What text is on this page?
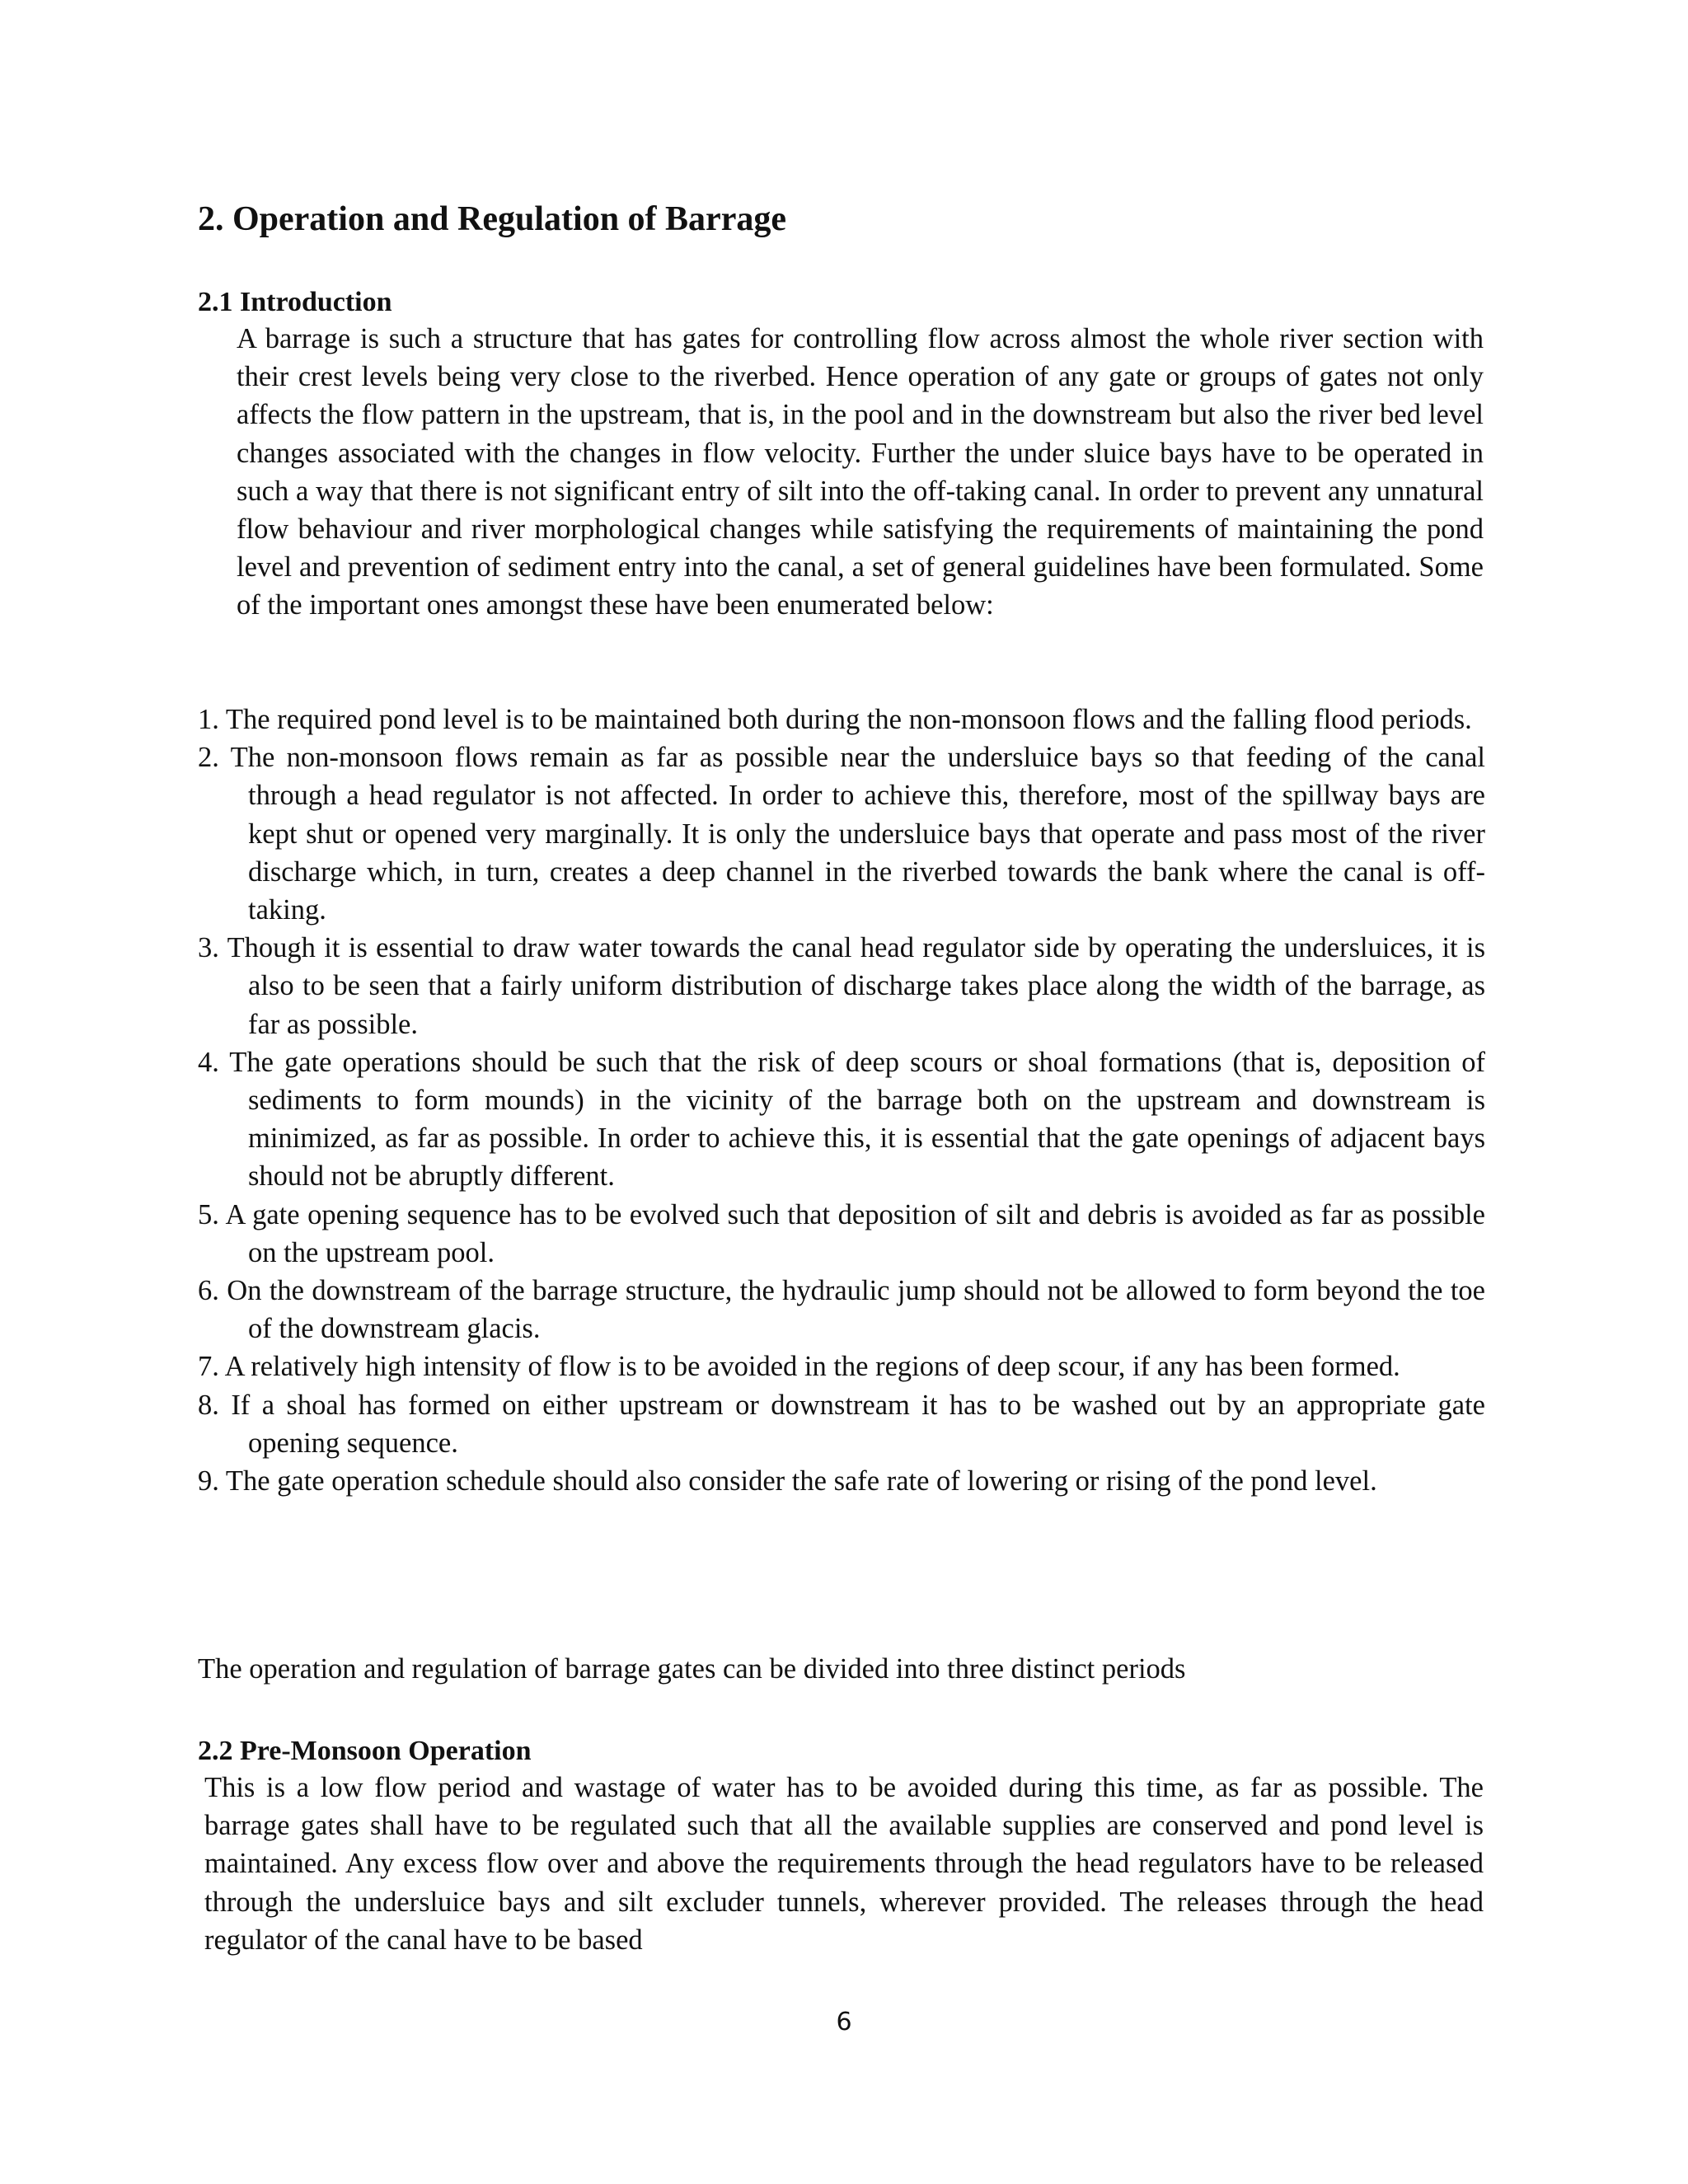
2. Operation and Regulation of Barrage
2.1 Introduction

A barrage is such a structure that has gates for controlling flow across almost the whole river section with their crest levels being very close to the riverbed. Hence operation of any gate or groups of gates not only affects the flow pattern in the upstream, that is, in the pool and in the downstream but also the river bed level changes associated with the changes in flow velocity. Further the under sluice bays have to be operated in such a way that there is not significant entry of silt into the off-taking canal. In order to prevent any unnatural flow behaviour and river morphological changes while satisfying the requirements of maintaining the pond level and prevention of sediment entry into the canal, a set of general guidelines have been formulated. Some of the important ones amongst these have been enumerated below:

1. The required pond level is to be maintained both during the non-monsoon flows and the falling flood periods.
2. The non-monsoon flows remain as far as possible near the undersluice bays so that feeding of the canal through a head regulator is not affected. In order to achieve this, therefore, most of the spillway bays are kept shut or opened very marginally. It is only the undersluice bays that operate and pass most of the river discharge which, in turn, creates a deep channel in the riverbed towards the bank where the canal is off-taking.
3. Though it is essential to draw water towards the canal head regulator side by operating the undersluices, it is also to be seen that a fairly uniform distribution of discharge takes place along the width of the barrage, as far as possible.
4. The gate operations should be such that the risk of deep scours or shoal formations (that is, deposition of sediments to form mounds) in the vicinity of the barrage both on the upstream and downstream is minimized, as far as possible. In order to achieve this, it is essential that the gate openings of adjacent bays should not be abruptly different.
5. A gate opening sequence has to be evolved such that deposition of silt and debris is avoided as far as possible on the upstream pool.
6. On the downstream of the barrage structure, the hydraulic jump should not be allowed to form beyond the toe of the downstream glacis.
7. A relatively high intensity of flow is to be avoided in the regions of deep scour, if any has been formed.
8. If a shoal has formed on either upstream or downstream it has to be washed out by an appropriate gate opening sequence.
9. The gate operation schedule should also consider the safe rate of lowering or rising of the pond level.

The operation and regulation of barrage gates can be divided into three distinct periods

2.2 Pre-Monsoon Operation

This is a low flow period and wastage of water has to be avoided during this time, as far as possible. The barrage gates shall have to be regulated such that all the available supplies are conserved and pond level is maintained. Any excess flow over and above the requirements through the head regulators have to be released through the undersluice bays and silt excluder tunnels, wherever provided. The releases through the head regulator of the canal have to be based

6
